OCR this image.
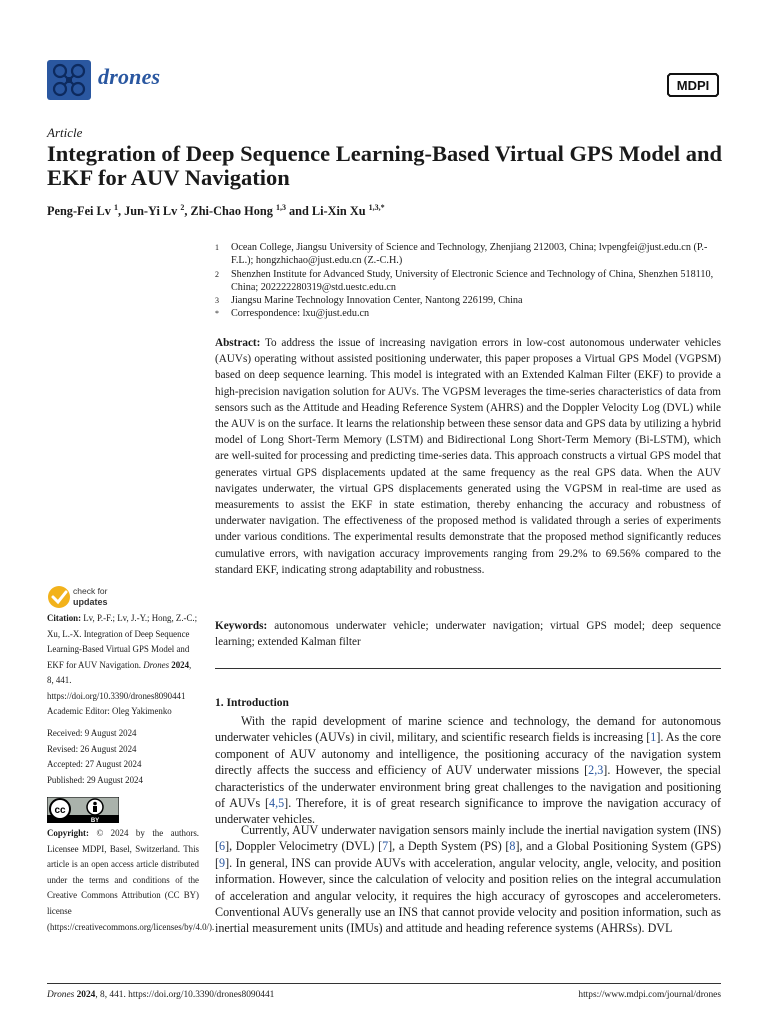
drones	MDPI
Article
Integration of Deep Sequence Learning-Based Virtual GPS Model and EKF for AUV Navigation
Peng-Fei Lv $^1$, Jun-Yi Lv $^2$, Zhi-Chao Hong $^{1,3}$ and Li-Xin Xu $^{1,3,*}$
1	Ocean College, Jiangsu University of Science and Technology, Zhenjiang 212003, China; lvpengfei@just.edu.cn (P.-F.L.); hongzhichao@just.edu.cn (Z.-C.H.)
2	Shenzhen Institute for Advanced Study, University of Electronic Science and Technology of China, Shenzhen 518110, China; 202222280319@std.uestc.edu.cn
3	Jiangsu Marine Technology Innovation Center, Nantong 226199, China
*	Correspondence: lxu@just.edu.cn
Abstract: To address the issue of increasing navigation errors in low-cost autonomous underwater vehicles (AUVs) operating without assisted positioning underwater, this paper proposes a Virtual GPS Model (VGPSM) based on deep sequence learning. This model is integrated with an Extended Kalman Filter (EKF) to provide a high-precision navigation solution for AUVs. The VGPSM leverages the time-series characteristics of data from sensors such as the Attitude and Heading Reference System (AHRS) and the Doppler Velocity Log (DVL) while the AUV is on the surface. It learns the relationship between these sensor data and GPS data by utilizing a hybrid model of Long Short-Term Memory (LSTM) and Bidirectional Long Short-Term Memory (Bi-LSTM), which are well-suited for processing and predicting time-series data. This approach constructs a virtual GPS model that generates virtual GPS displacements updated at the same frequency as the real GPS data. When the AUV navigates underwater, the virtual GPS displacements generated using the VGPSM in real-time are used as measurements to assist the EKF in state estimation, thereby enhancing the accuracy and robustness of underwater navigation. The effectiveness of the proposed method is validated through a series of experiments under various conditions. The experimental results demonstrate that the proposed method significantly reduces cumulative errors, with navigation accuracy improvements ranging from 29.2% to 69.56% compared to the standard EKF, indicating strong adaptability and robustness.
Keywords: autonomous underwater vehicle; underwater navigation; virtual GPS model; deep sequence learning; extended Kalman filter
check for
updates
Citation: Lv, P.-F.; Lv, J.-Y.; Hong, Z.-C.; Xu, L.-X. Integration of Deep Sequence Learning-Based Virtual GPS Model and EKF for AUV Navigation. Drones 2024, 8, 441. https://doi.org/10.3390/drones8090441
Academic Editor: Oleg Yakimenko
Received: 9 August 2024
Revised: 26 August 2024
Accepted: 27 August 2024
Published: 29 August 2024
cc
BY
Copyright: © 2024 by the authors. Licensee MDPI, Basel, Switzerland. This article is an open access article distributed under the terms and conditions of the Creative Commons Attribution (CC BY) license (https://creativecommons.org/licenses/by/4.0/).
1. Introduction
With the rapid development of marine science and technology, the demand for autonomous underwater vehicles (AUVs) in civil, military, and scientific research fields is increasing [1]. As the core component of AUV autonomy and intelligence, the positioning accuracy of the navigation system directly affects the success and efficiency of AUV underwater missions [2,3]. However, the special characteristics of the underwater environment bring great challenges to the navigation and positioning of AUVs [4,5]. Therefore, it is of great research significance to improve the navigation accuracy of underwater vehicles.
Currently, AUV underwater navigation sensors mainly include the inertial navigation system (INS) [6], Doppler Velocimetry (DVL) [7], a Depth System (PS) [8], and a Global Positioning System (GPS) [9]. In general, INS can provide AUVs with acceleration, angular velocity, angle, velocity, and position information. However, since the calculation of velocity and position relies on the integral accumulation of acceleration and angular velocity, it requires the high accuracy of gyroscopes and accelerometers. Conventional AUVs generally use an INS that cannot provide velocity and position information, such as inertial measurement units (IMUs) and attitude and heading reference systems (AHRSs). DVL
Drones 2024, 8, 441. https://doi.org/10.3390/drones8090441	https://www.mdpi.com/journal/drones
